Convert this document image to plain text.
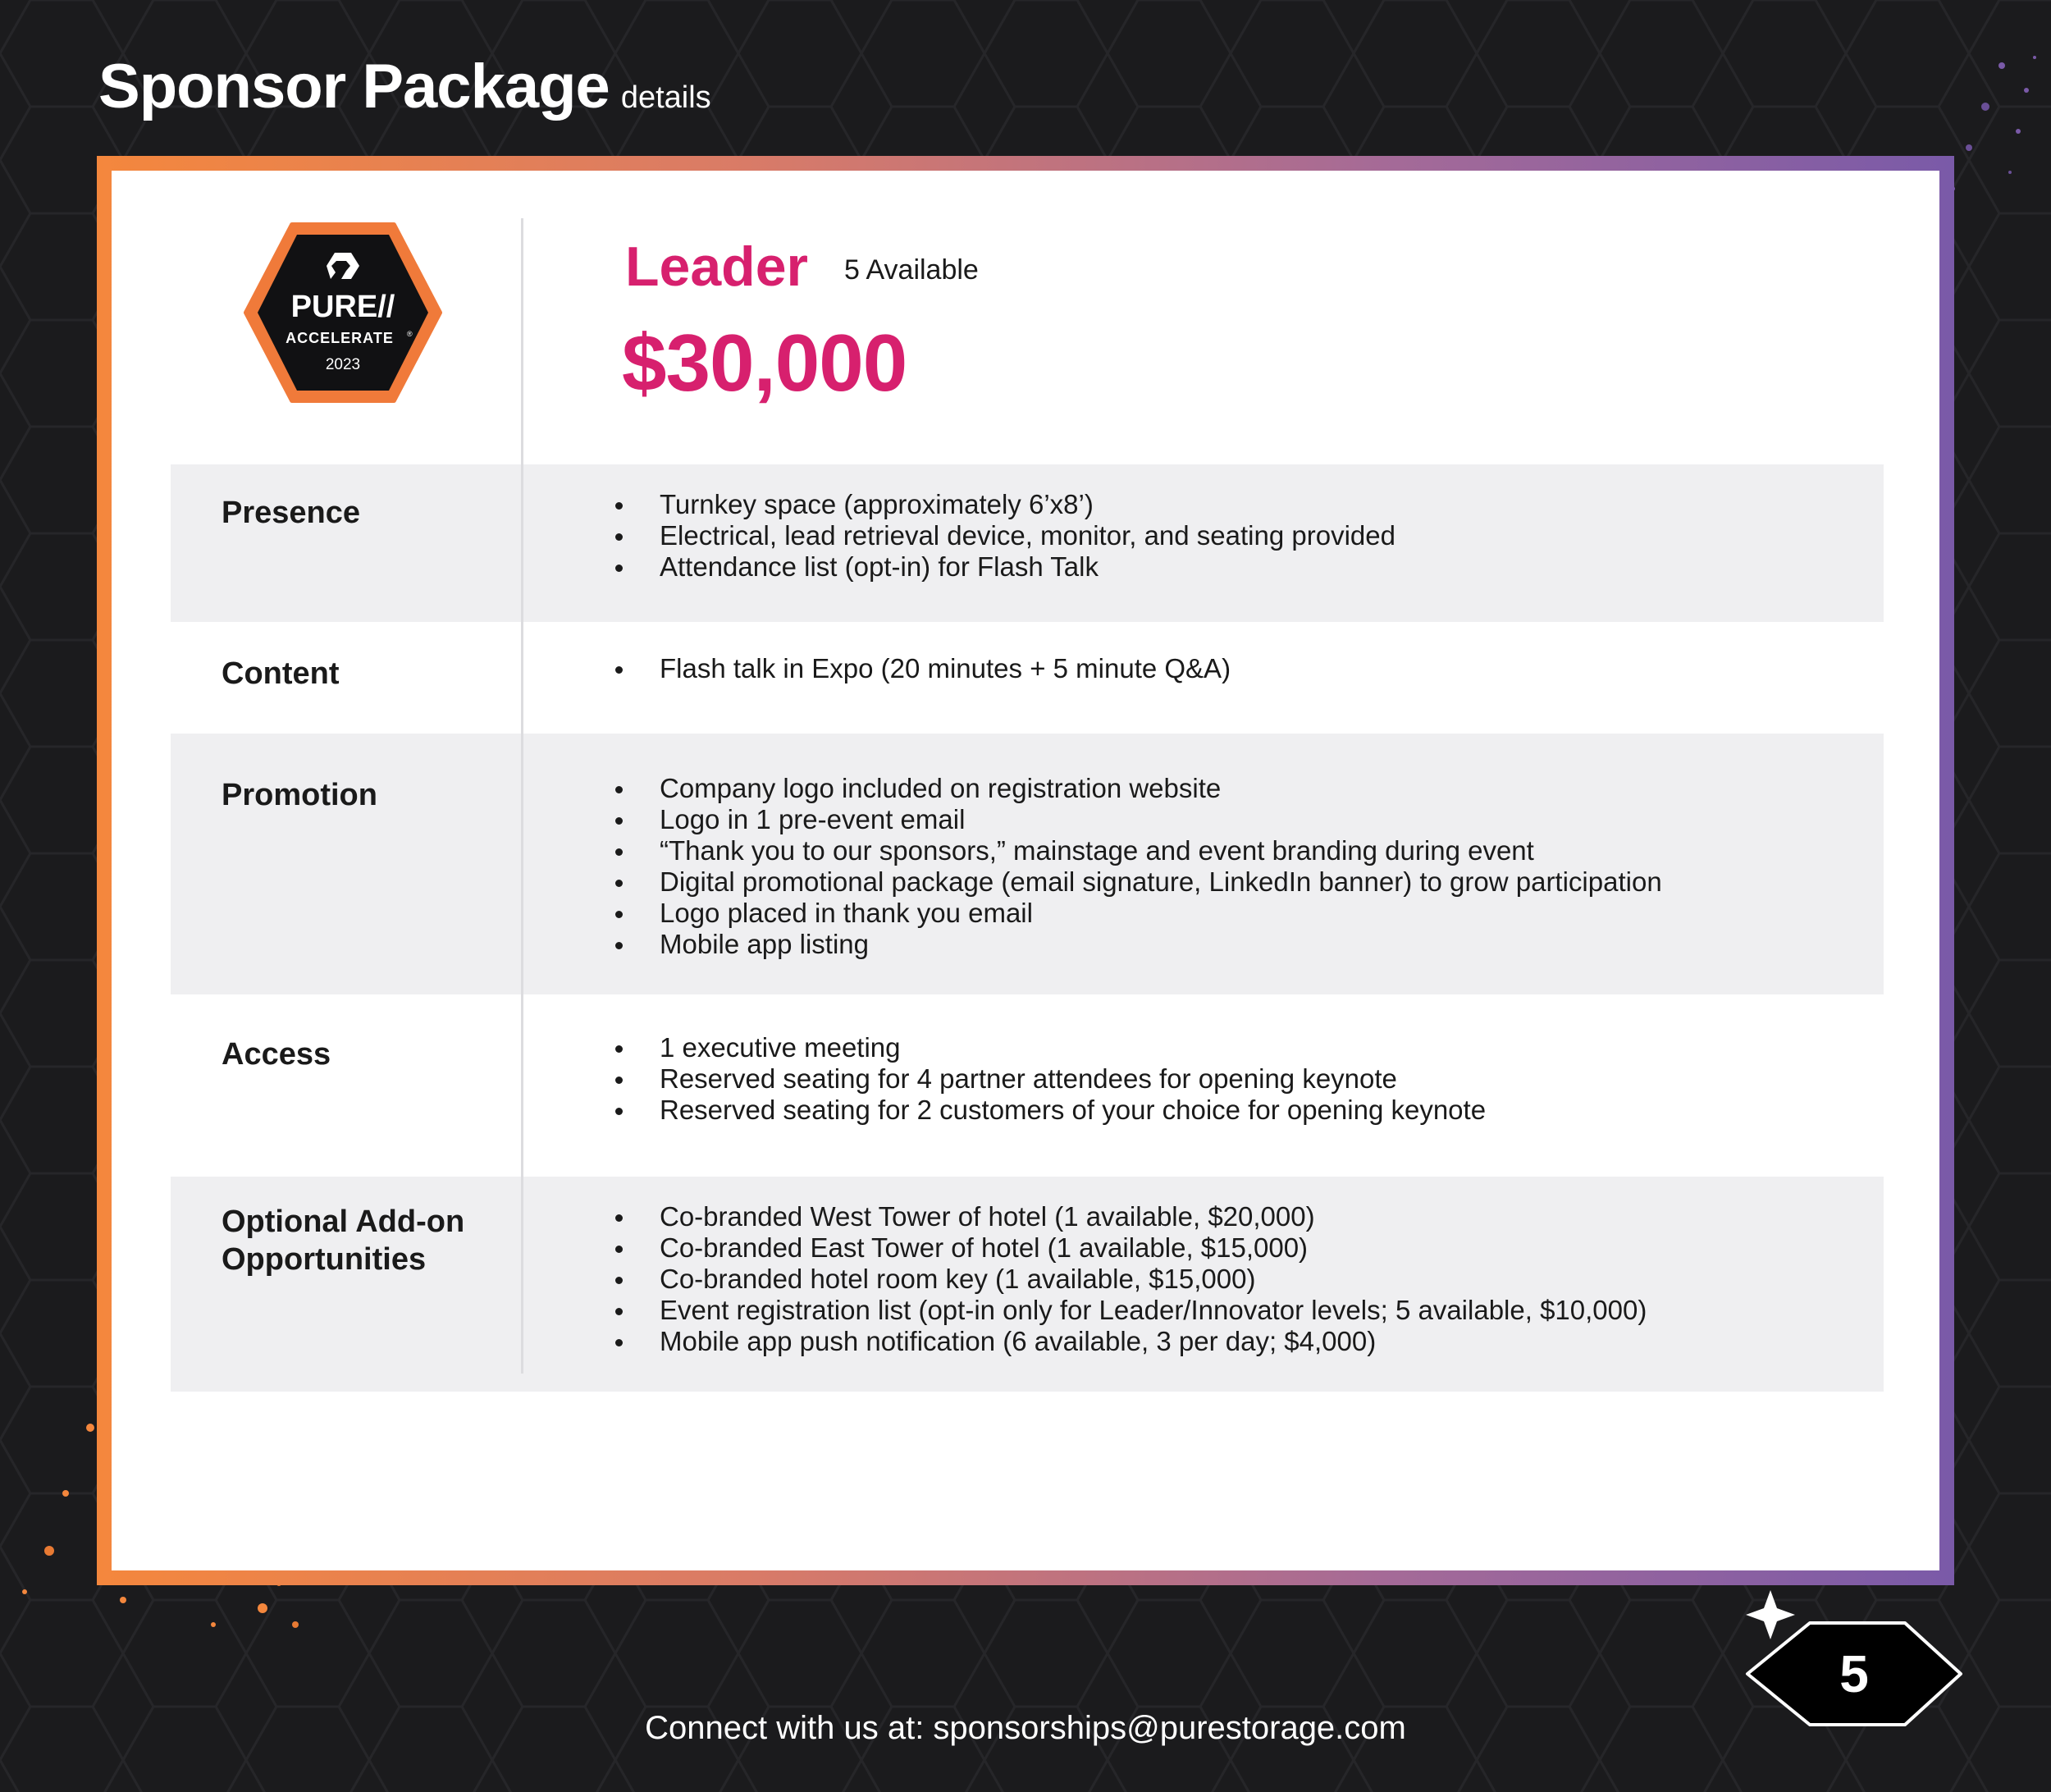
Sponsor Package details
PURE//
ACCELERATE ®
2023
Leader 5 Available

$30,000

Presence	Turnkey space (approximately 6’x8’)
Electrical, lead retrieval device, monitor, and seating provided
Attendance list (opt-in) for Flash Talk

Content	Flash talk in Expo (20 minutes + 5 minute Q&A)

Promotion	Company logo included on registration website
Logo in 1 pre-event email
“Thank you to our sponsors,” mainstage and event branding during event
Digital promotional package (email signature, LinkedIn banner) to grow participation
Logo placed in thank you email
Mobile app listing

Access	1 executive meeting
Reserved seating for 4 partner attendees for opening keynote
Reserved seating for 2 customers of your choice for opening keynote

Optional Add-on Opportunities

Co-branded West Tower of hotel (1 available, $20,000)
Co-branded East Tower of hotel (1 available, $15,000)
Co-branded hotel room key (1 available, $15,000)
Event registration list (opt-in only for Leader/Innovator levels; 5 available, $10,000)
Mobile app push notification (6 available, 3 per day; $4,000)
5

Connect with us at: sponsorships@purestorage.com
